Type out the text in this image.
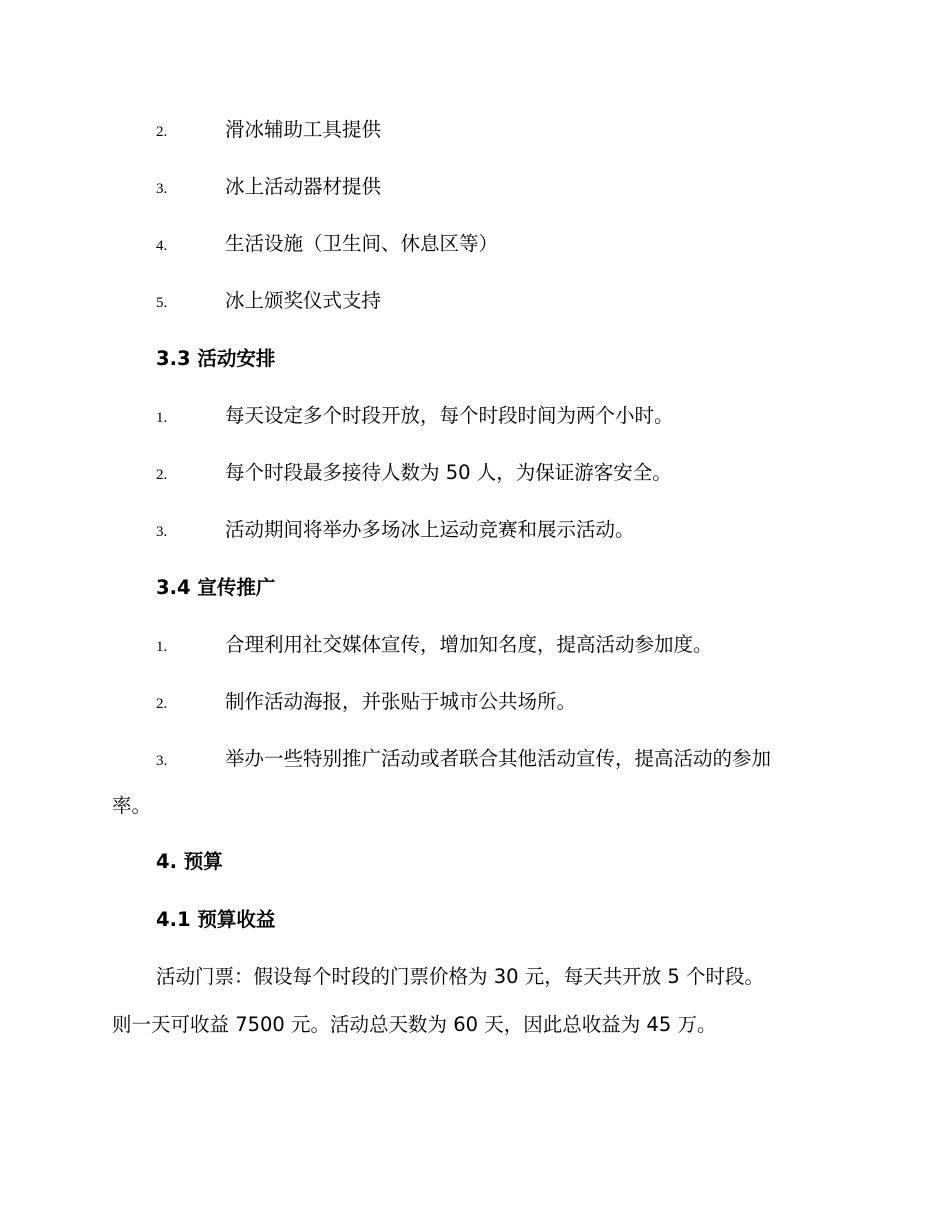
2.	滑冰辅助工具提供
3.	冰上活动器材提供
4.	生活设施（卫生间、休息区等）
5.	冰上颁奖仪式支持
3.3 活动安排
1.	每天设定多个时段开放，每个时段时间为两个小时。
2.	每个时段最多接待人数为 50 人，为保证游客安全。
3.	活动期间将举办多场冰上运动竞赛和展示活动。
3.4 宣传推广
1.	合理利用社交媒体宣传，增加知名度，提高活动参加度。
2.	制作活动海报，并张贴于城市公共场所。
3.	举办一些特别推广活动或者联合其他活动宣传，提高活动的参加
率。
4. 预算
4.1 预算收益
活动门票：假设每个时段的门票价格为 30 元，每天共开放 5 个时段。
则一天可收益 7500 元。活动总天数为 60 天，因此总收益为 45 万。
